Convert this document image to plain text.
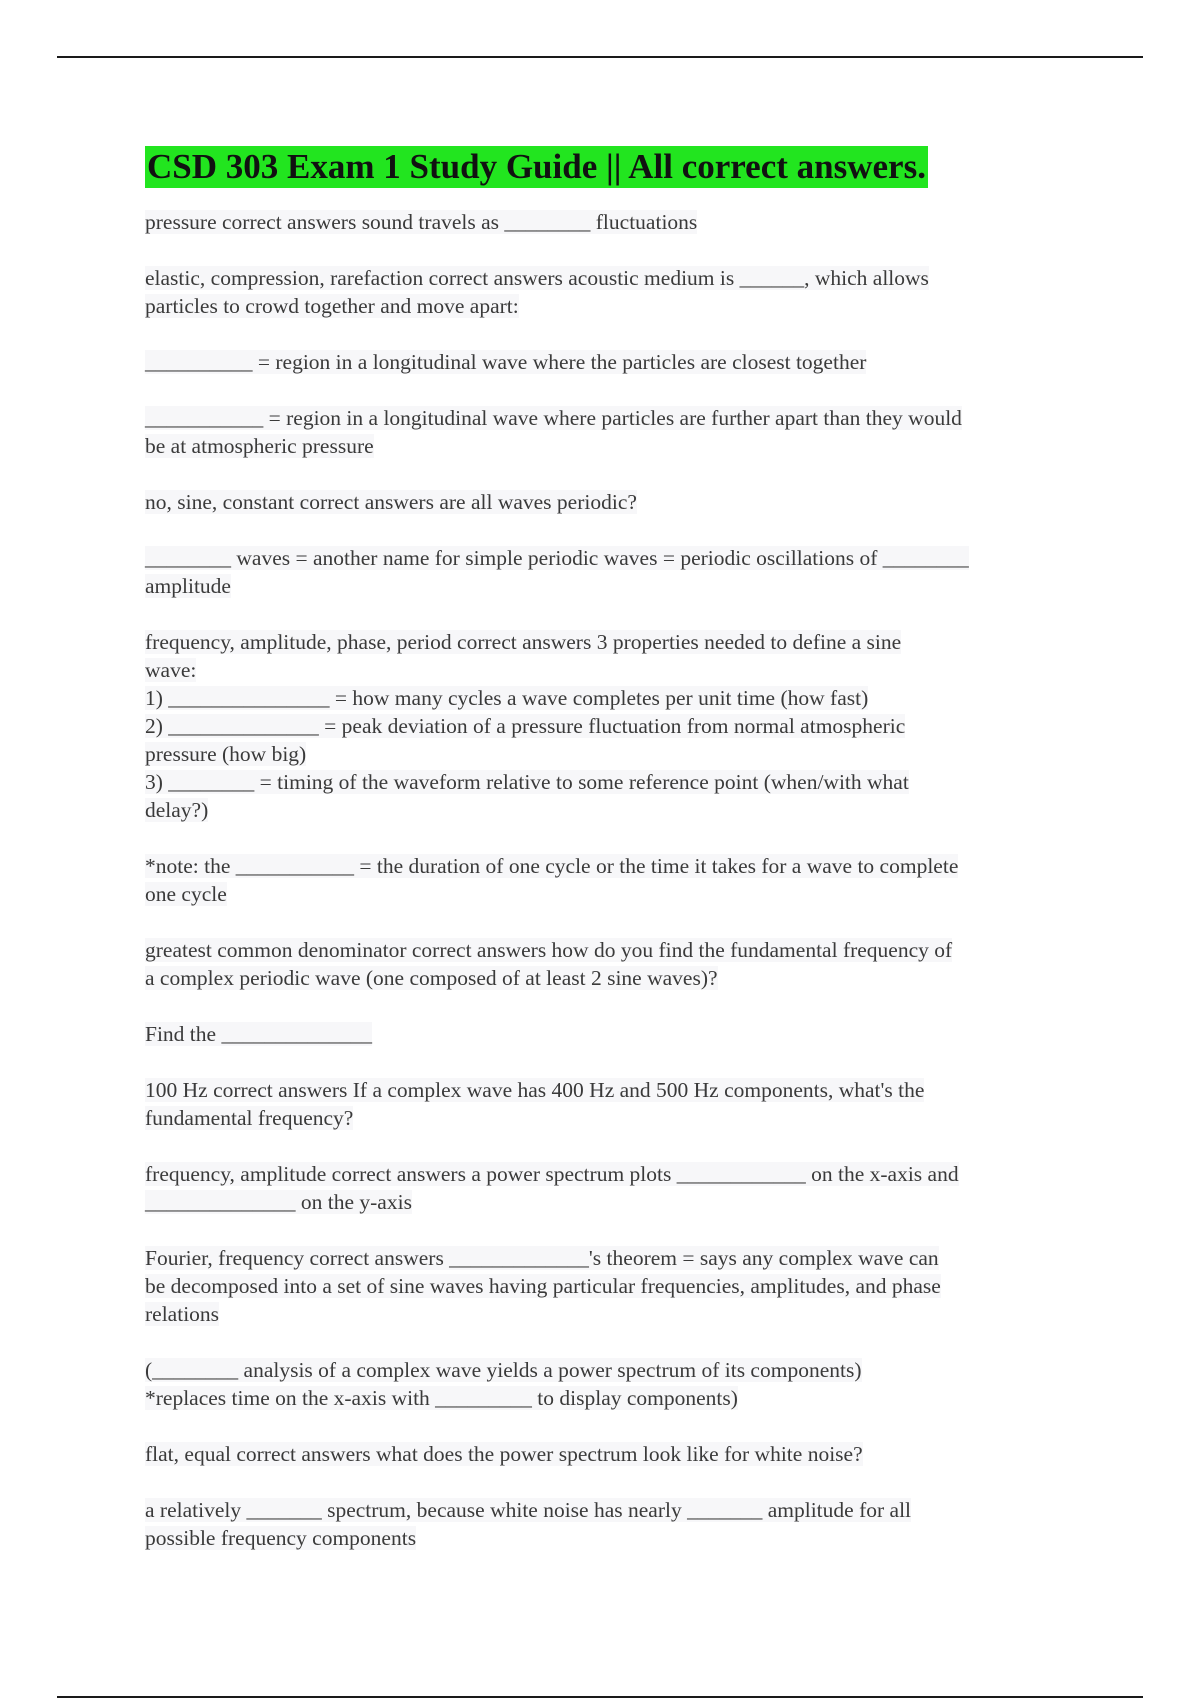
CSD 303 Exam 1 Study Guide || All correct answers.
pressure correct answers sound travels as ________ fluctuations
elastic, compression, rarefaction correct answers acoustic medium is ______, which allows
particles to crowd together and move apart:
__________ = region in a longitudinal wave where the particles are closest together
___________ = region in a longitudinal wave where particles are further apart than they would
be at atmospheric pressure
no, sine, constant correct answers are all waves periodic?
________ waves = another name for simple periodic waves = periodic oscillations of ________
amplitude
frequency, amplitude, phase, period correct answers 3 properties needed to define a sine
wave:
1) _______________ = how many cycles a wave completes per unit time (how fast)
2) ______________ = peak deviation of a pressure fluctuation from normal atmospheric
pressure (how big)
3) ________ = timing of the waveform relative to some reference point (when/with what
delay?)
*note: the ___________ = the duration of one cycle or the time it takes for a wave to complete
one cycle
greatest common denominator correct answers how do you find the fundamental frequency of
a complex periodic wave (one composed of at least 2 sine waves)?
Find the ______________
100 Hz correct answers If a complex wave has 400 Hz and 500 Hz components, what's the
fundamental frequency?
frequency, amplitude correct answers a power spectrum plots ____________ on the x-axis and
______________ on the y-axis
Fourier, frequency correct answers _____________'s theorem = says any complex wave can
be decomposed into a set of sine waves having particular frequencies, amplitudes, and phase
relations
(________ analysis of a complex wave yields a power spectrum of its components)
*replaces time on the x-axis with _________ to display components)
flat, equal correct answers what does the power spectrum look like for white noise?
a relatively _______ spectrum, because white noise has nearly _______ amplitude for all
possible frequency components
